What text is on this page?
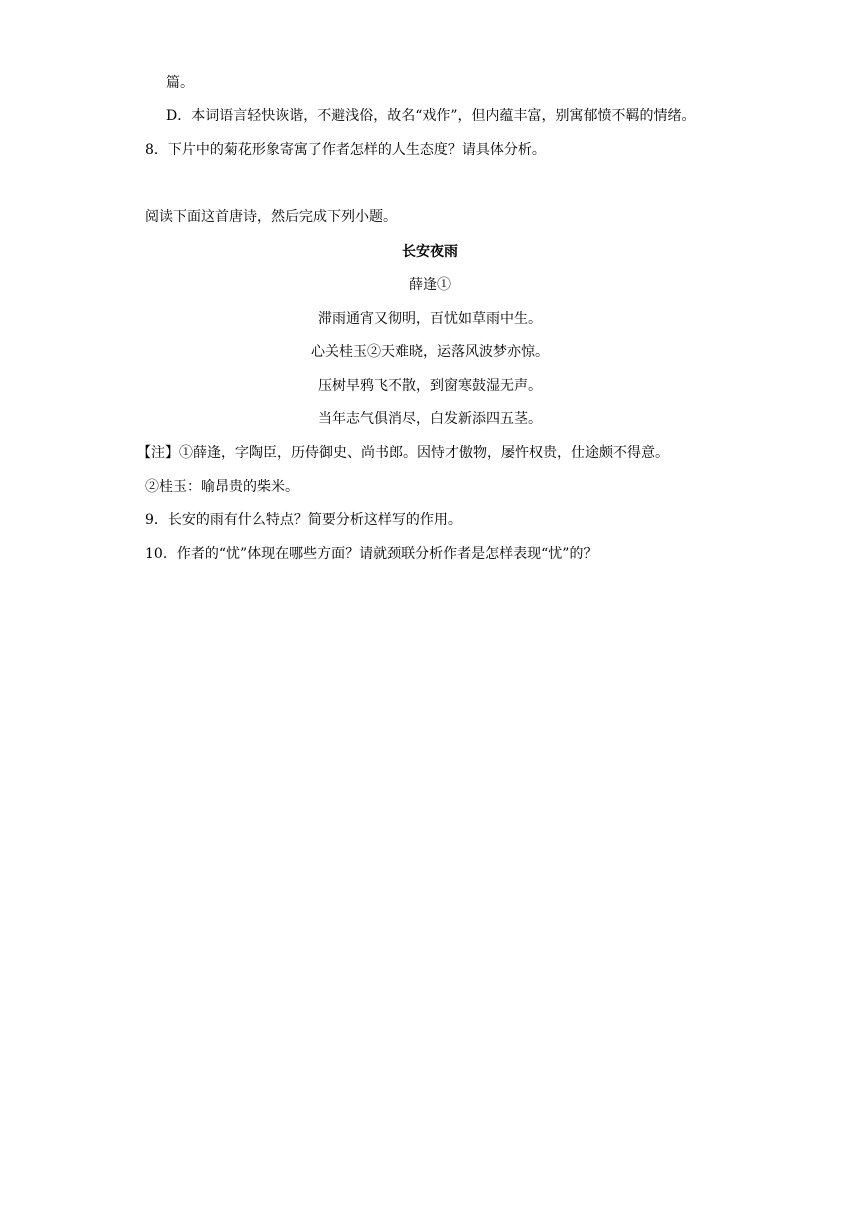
篇。
D．本词语言轻快诙谐，不避浅俗，故名“戏作”，但内蕴丰富，别寓郁愤不羁的情绪。
8．下片中的菊花形象寄寓了作者怎样的人生态度？请具体分析。
阅读下面这首唐诗，然后完成下列小题。
长安夜雨
薛逢①
滞雨通宵又彻明，百忧如草雨中生。
心关桂玉②天难晓，运落风波梦亦惊。
压树早鸦飞不散，到窗寒鼓湿无声。
当年志气俱消尽，白发新添四五茎。
【注】①薛逢，字陶臣，历侍御史、尚书郎。因恃才傲物，屡忤权贵，仕途颇不得意。
②桂玉：喻昂贵的柴米。
9．长安的雨有什么特点？简要分析这样写的作用。
10．作者的“忧”体现在哪些方面？请就颈联分析作者是怎样表现“忧”的？
